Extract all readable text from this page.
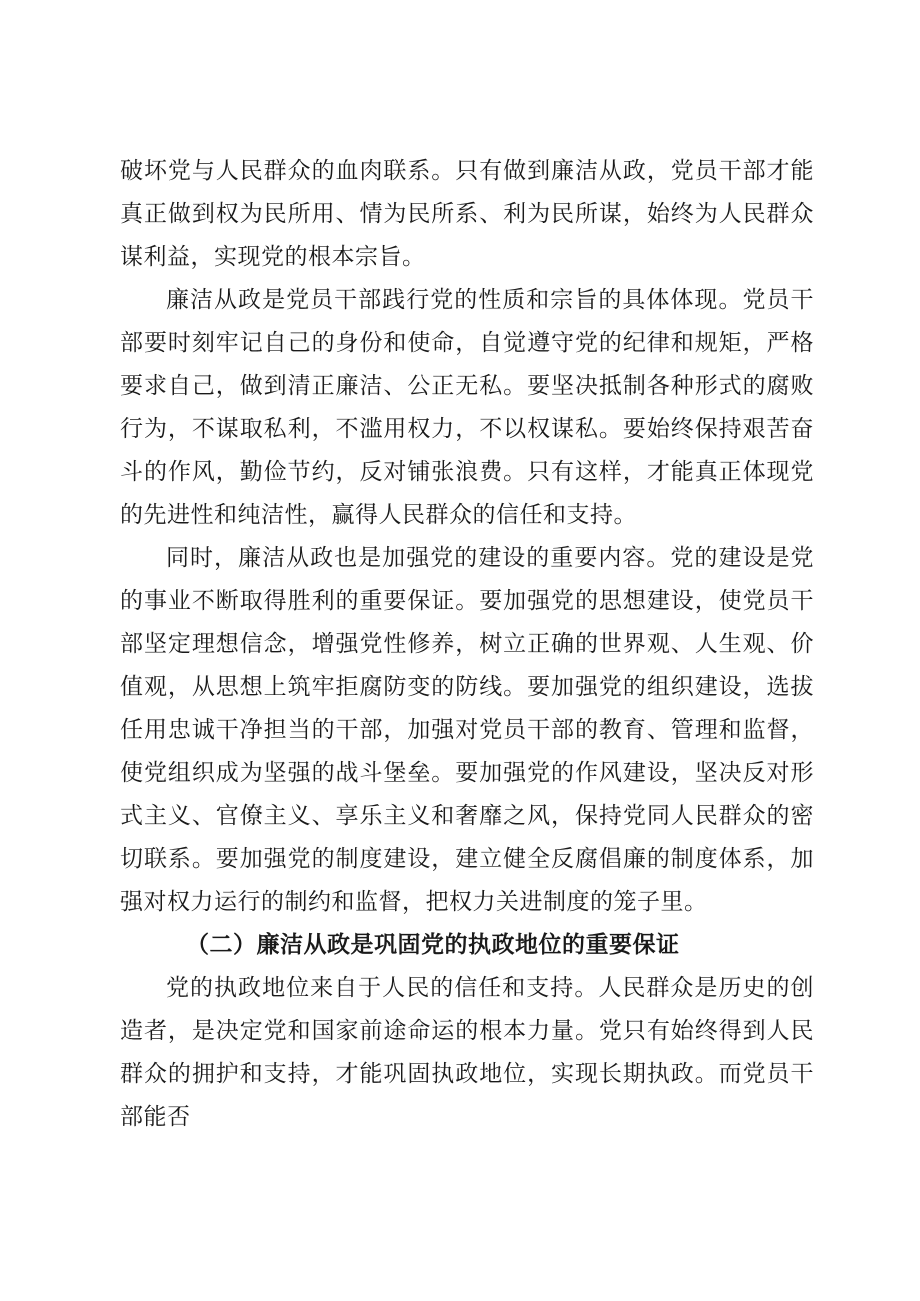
破坏党与人民群众的血肉联系。只有做到廉洁从政，党员干部才能真正做到权为民所用、情为民所系、利为民所谋，始终为人民群众谋利益，实现党的根本宗旨。

廉洁从政是党员干部践行党的性质和宗旨的具体体现。党员干部要时刻牢记自己的身份和使命，自觉遵守党的纪律和规矩，严格要求自己，做到清正廉洁、公正无私。要坚决抵制各种形式的腐败行为，不谋取私利，不滥用权力，不以权谋私。要始终保持艰苦奋斗的作风，勤俭节约，反对铺张浪费。只有这样，才能真正体现党的先进性和纯洁性，赢得人民群众的信任和支持。

同时，廉洁从政也是加强党的建设的重要内容。党的建设是党的事业不断取得胜利的重要保证。要加强党的思想建设，使党员干部坚定理想信念，增强党性修养，树立正确的世界观、人生观、价值观，从思想上筑牢拒腐防变的防线。要加强党的组织建设，选拔任用忠诚干净担当的干部，加强对党员干部的教育、管理和监督，使党组织成为坚强的战斗堡垒。要加强党的作风建设，坚决反对形式主义、官僚主义、享乐主义和奢靡之风，保持党同人民群众的密切联系。要加强党的制度建设，建立健全反腐倡廉的制度体系，加强对权力运行的制约和监督，把权力关进制度的笼子里。

（二）廉洁从政是巩固党的执政地位的重要保证

党的执政地位来自于人民的信任和支持。人民群众是历史的创造者，是决定党和国家前途命运的根本力量。党只有始终得到人民群众的拥护和支持，才能巩固执政地位，实现长期执政。而党员干部能否
